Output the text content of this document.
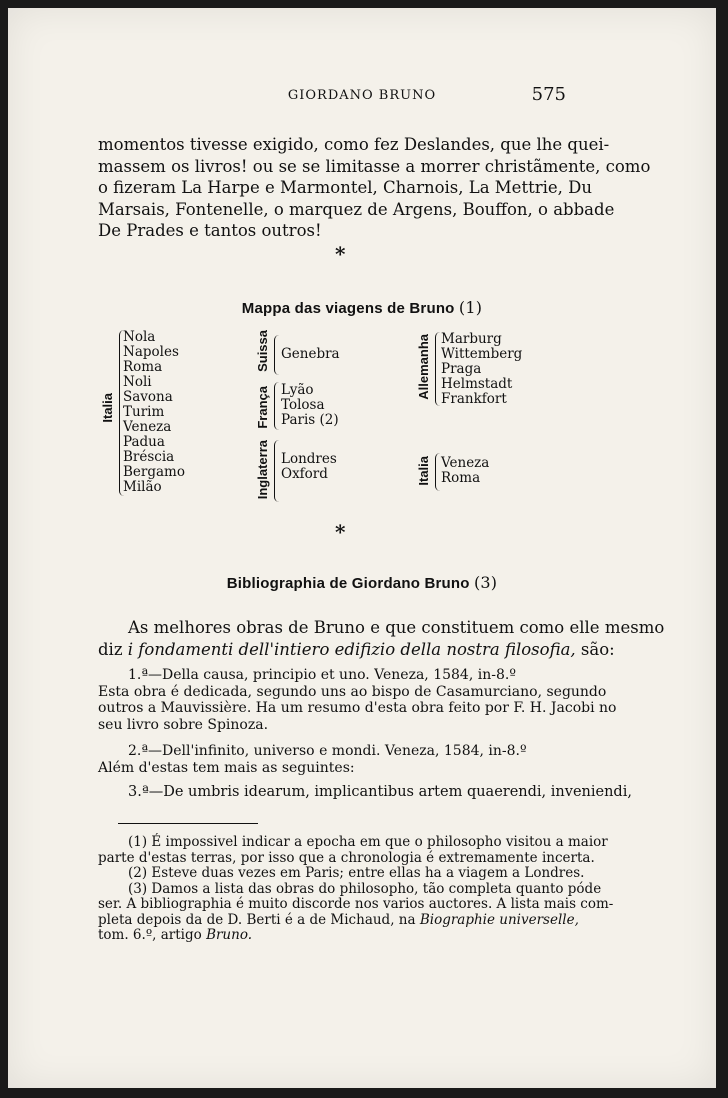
GIORDANO BRUNO	575
momentos tivesse exigido, como fez Deslandes, que lhe quei-
massem os livros! ou se se limitasse a morrer christãmente, como
o fizeram La Harpe e Marmontel, Charnois, La Mettrie, Du
Marsais, Fontenelle, o marquez de Argens, Bouffon, o abbade
De Prades e tantos outros!
*
Mappa das viagens de Bruno (1)
Italia
Nola
Napoles
Roma
Noli
Savona
Turim
Veneza
Padua
Bréscia
Bergamo
Milão
Suissa Genebra
França Lyão
Tolosa
Paris (2)
Inglaterra Londres
Oxford
Allemanha Marburg
Wittemberg
Praga
Helmstadt
Frankfort
Italia Veneza
Roma
*
Bibliographia de Giordano Bruno (3)
As melhores obras de Bruno e que constituem como elle mesmo
diz i fondamenti dell'intiero edifizio della nostra filosofia, são:
1.ª—Della causa, principio et uno. Veneza, 1584, in-8.º
Esta obra é dedicada, segundo uns ao bispo de Casamurciano, segundo
outros a Mauvissière. Ha um resumo d'esta obra feito por F. H. Jacobi no
seu livro sobre Spinoza.
2.ª—Dell'infinito, universo e mondi. Veneza, 1584, in-8.º
Além d'estas tem mais as seguintes:
3.ª—De umbris idearum, implicantibus artem quaerendi, inveniendi,
(1) É impossivel indicar a epocha em que o philosopho visitou a maior
parte d'estas terras, por isso que a chronologia é extremamente incerta.
(2) Esteve duas vezes em Paris; entre ellas ha a viagem a Londres.
(3) Damos a lista das obras do philosopho, tão completa quanto póde
ser. A bibliographia é muito discorde nos varios auctores. A lista mais com-
pleta depois da de D. Berti é a de Michaud, na Biographie universelle,
tom. 6.º, artigo Bruno.
